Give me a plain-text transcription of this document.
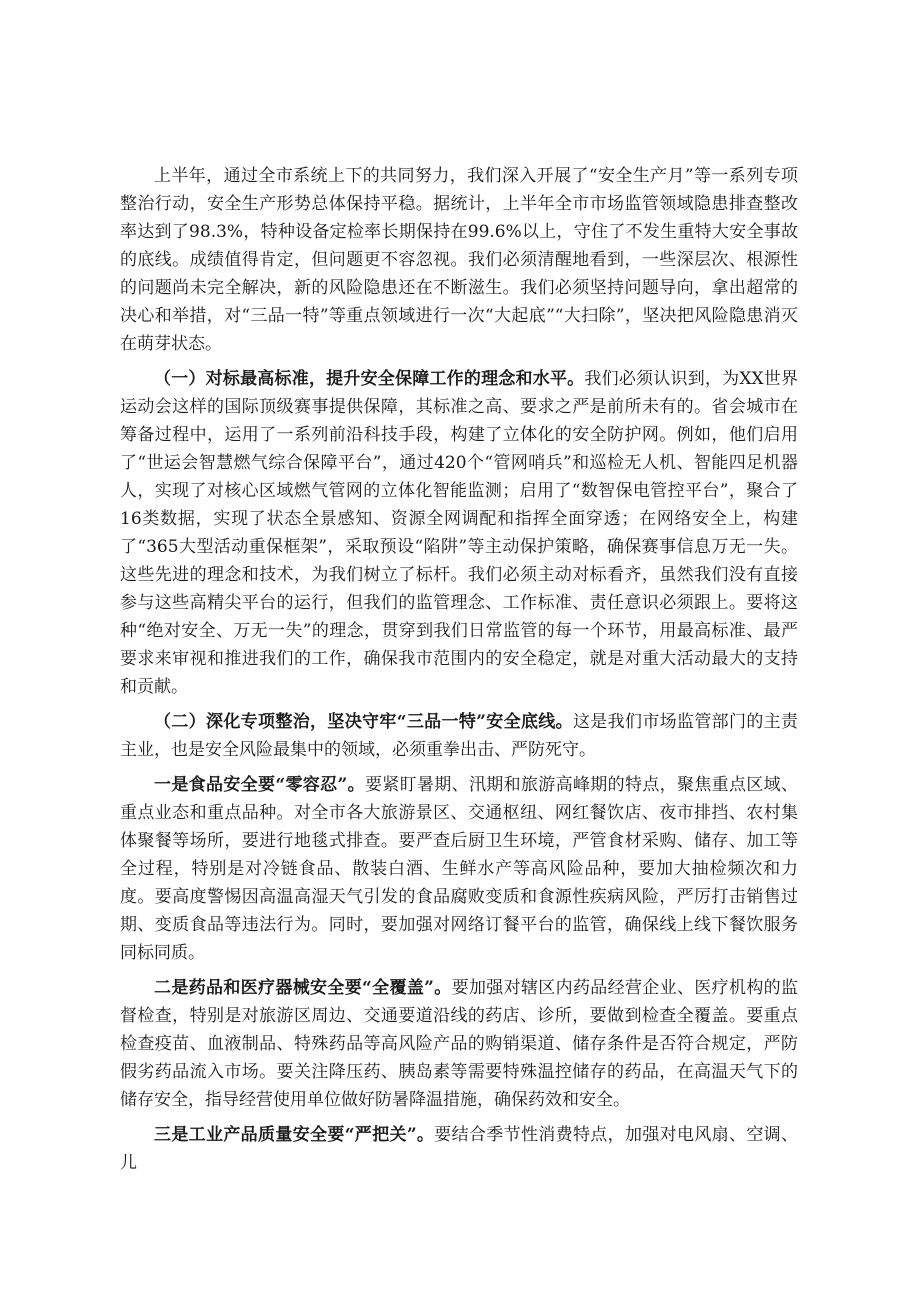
上半年，通过全市系统上下的共同努力，我们深入开展了“安全生产月”等一系列专项整治行动，安全生产形势总体保持平稳。据统计，上半年全市市场监管领域隐患排查整改率达到了98.3%，特种设备定检率长期保持在99.6%以上，守住了不发生重特大安全事故的底线。成绩值得肯定，但问题更不容忽视。我们必须清醒地看到，一些深层次、根源性的问题尚未完全解决，新的风险隐患还在不断滋生。我们必须坚持问题导向，拿出超常的决心和举措，对“三品一特”等重点领域进行一次“大起底”“大扫除”，坚决把风险隐患消灭在萌芽状态。

（一）对标最高标准，提升安全保障工作的理念和水平。我们必须认识到，为XX世界运动会这样的国际顶级赛事提供保障，其标准之高、要求之严是前所未有的。省会城市在筹备过程中，运用了一系列前沿科技手段，构建了立体化的安全防护网。例如，他们启用了“世运会智慧燃气综合保障平台”，通过420个“管网哨兵”和巡检无人机、智能四足机器人，实现了对核心区域燃气管网的立体化智能监测；启用了“数智保电管控平台”，聚合了16类数据，实现了状态全景感知、资源全网调配和指挥全面穿透；在网络安全上，构建了“365大型活动重保框架”，采取预设“陷阱”等主动保护策略，确保赛事信息万无一失。这些先进的理念和技术，为我们树立了标杆。我们必须主动对标看齐，虽然我们没有直接参与这些高精尖平台的运行，但我们的监管理念、工作标准、责任意识必须跟上。要将这种“绝对安全、万无一失”的理念，贯穿到我们日常监管的每一个环节，用最高标准、最严要求来审视和推进我们的工作，确保我市范围内的安全稳定，就是对重大活动最大的支持和贡献。

（二）深化专项整治，坚决守牢“三品一特”安全底线。这是我们市场监管部门的主责主业，也是安全风险最集中的领域，必须重拳出击、严防死守。

一是食品安全要“零容忍”。要紧盯暑期、汛期和旅游高峰期的特点，聚焦重点区域、重点业态和重点品种。对全市各大旅游景区、交通枢纽、网红餐饮店、夜市排挡、农村集体聚餐等场所，要进行地毯式排查。要严查后厨卫生环境，严管食材采购、储存、加工等全过程，特别是对冷链食品、散装白酒、生鲜水产等高风险品种，要加大抽检频次和力度。要高度警惕因高温高湿天气引发的食品腐败变质和食源性疾病风险，严厉打击销售过期、变质食品等违法行为。同时，要加强对网络订餐平台的监管，确保线上线下餐饮服务同标同质。

二是药品和医疗器械安全要“全覆盖”。要加强对辖区内药品经营企业、医疗机构的监督检查，特别是对旅游区周边、交通要道沿线的药店、诊所，要做到检查全覆盖。要重点检查疫苗、血液制品、特殊药品等高风险产品的购销渠道、储存条件是否符合规定，严防假劣药品流入市场。要关注降压药、胰岛素等需要特殊温控储存的药品，在高温天气下的储存安全，指导经营使用单位做好防暑降温措施，确保药效和安全。

三是工业产品质量安全要“严把关”。要结合季节性消费特点，加强对电风扇、空调、儿
